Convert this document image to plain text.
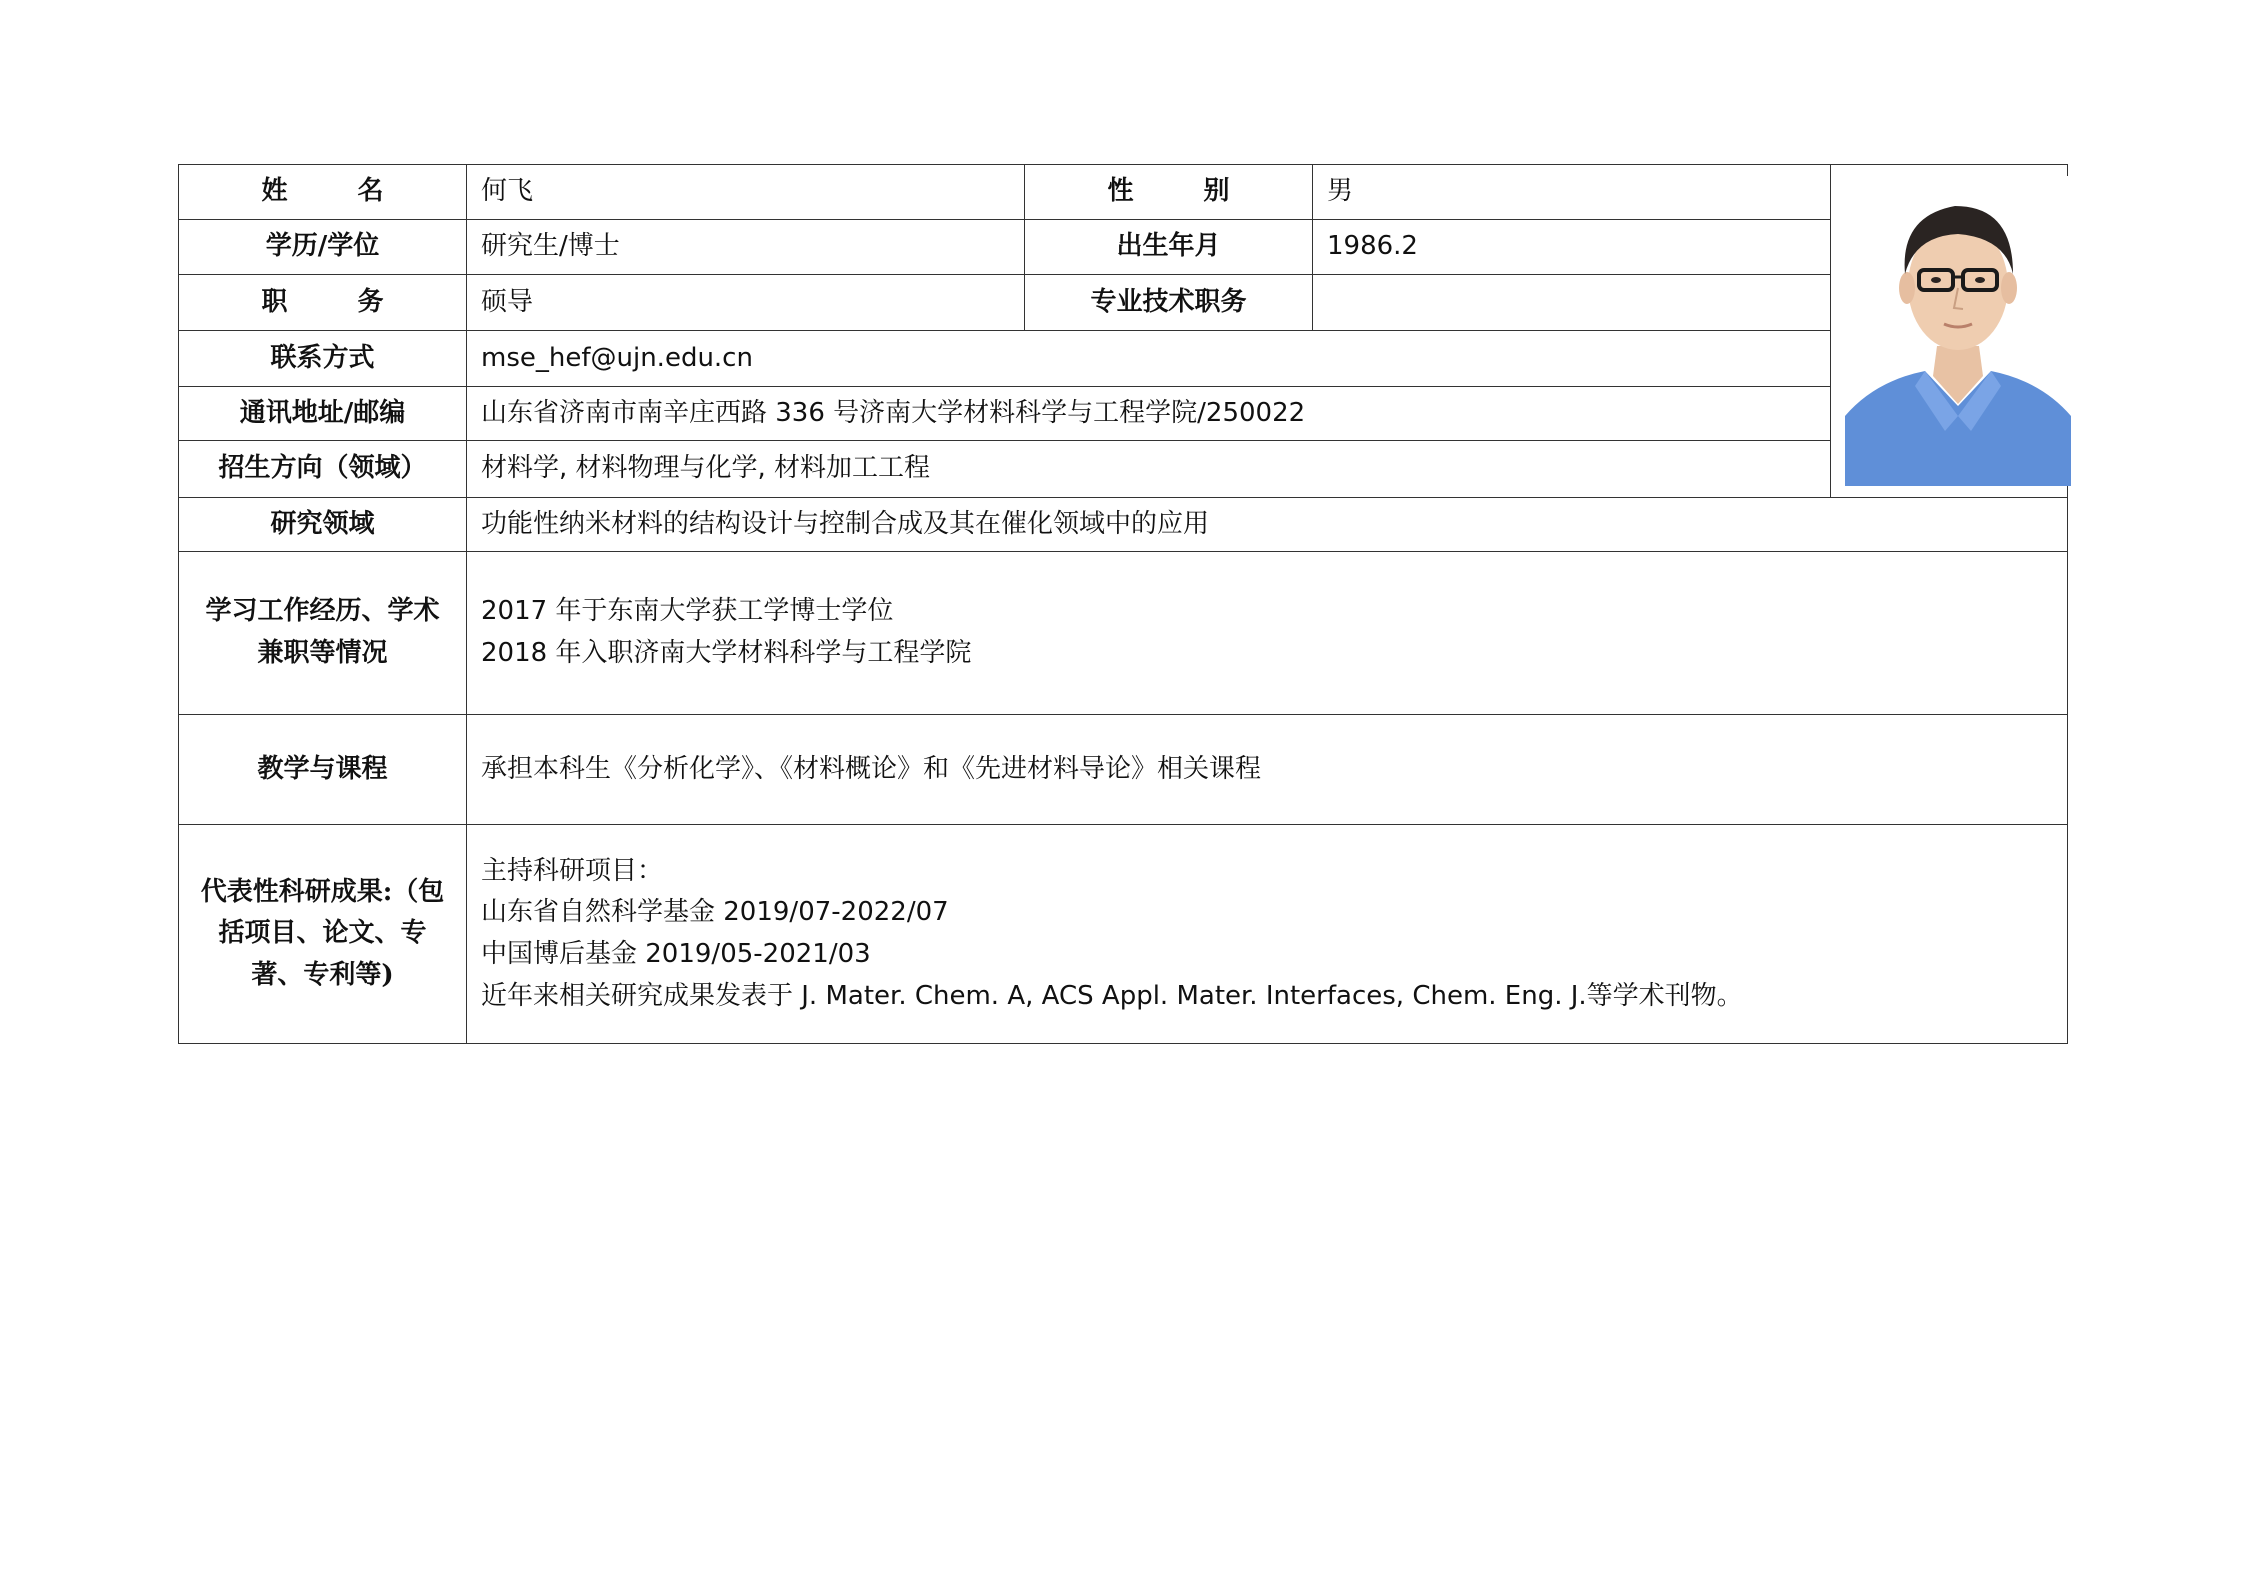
姓 名	何飞	性 别	男	

学历/学位	研究生/博士	出生年月	1986.2	
职 务	硕导	专业技术职务		
联系方式	mse_hef@ujn.edu.cn			
通讯地址/邮编	山东省济南市南辛庄西路 336 号济南大学材料科学与工程学院/250022			
招生方向（领域）	材料学, 材料物理与化学, 材料加工工程			
研究领域	功能性纳米材料的结构设计与控制合成及其在催化领域中的应用			
学习工作经历、学术兼职等情况	2017 年于东南大学获工学博士学位
2018 年入职济南大学材料科学与工程学院			

教学与课程	承担本科生《分析化学》、《材料概论》和《先进材料导论》相关课程			
代表性科研成果:（包括项目、论文、专著、专利等)	主持科研项目：
山东省自然科学基金 2019/07-2022/07
中国博后基金 2019/05-2021/03
近年来相关研究成果发表于 J. Mater. Chem. A, ACS Appl. Mater. Interfaces, Chem. Eng. J.等学术刊物。			
